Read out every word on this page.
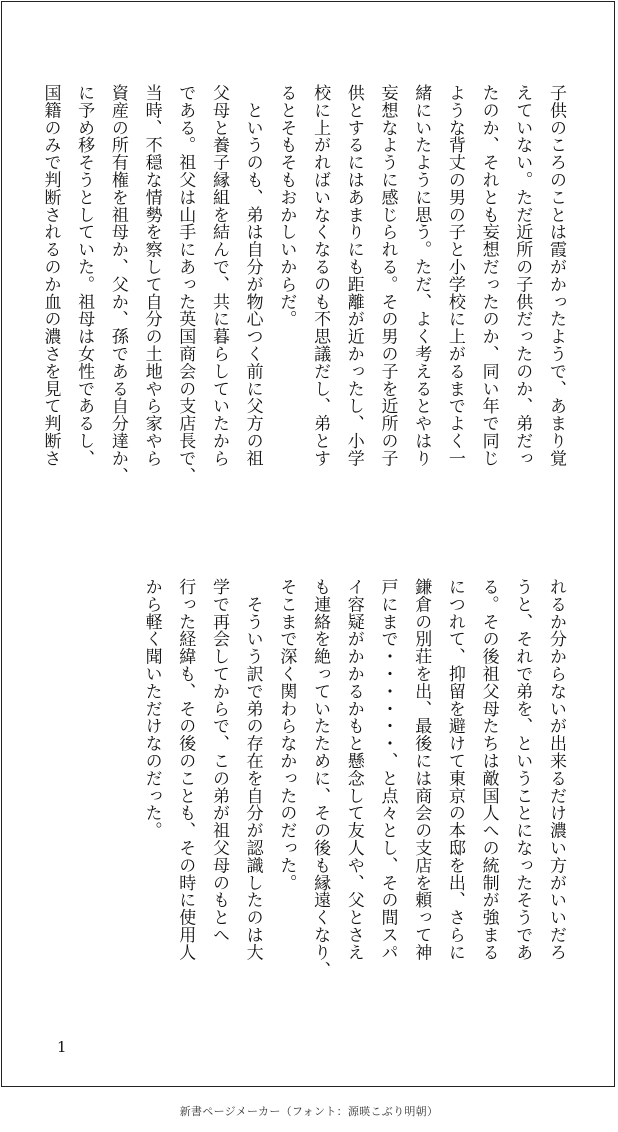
子供のころのことは霞がかったようで、あまり覚
えていない。ただ近所の子供だったのか、弟だっ
たのか、それとも妄想だったのか、同い年で同じ
ような背丈の男の子と小学校に上がるまでよく一
緒にいたように思う。ただ、よく考えるとやはり
妄想なように感じられる。その男の子を近所の子
供とするにはあまりにも距離が近かったし、小学
校に上がればいなくなるのも不思議だし、弟とす
るとそもそもおかしいからだ。
　というのも、弟は自分が物心つく前に父方の祖
父母と養子縁組を結んで、共に暮らしていたから
である。祖父は山手にあった英国商会の支店長で、
当時、不穏な情勢を察して自分の土地やら家やら
資産の所有権を祖母か、父か、孫である自分達か、
に予め移そうとしていた。祖母は女性であるし、
国籍のみで判断されるのか血の濃さを見て判断さ
れるか分からないが出来るだけ濃い方がいいだろ
うと、それで弟を、ということになったそうであ
る。その後祖父母たちは敵国人への統制が強まる
につれて、抑留を避けて東京の本邸を出、さらに
鎌倉の別荘を出、最後には商会の支店を頼って神
戸にまで・・・・・・、と点々とし、その間スパ
イ容疑がかかるかもと懸念して友人や、父とさえ
も連絡を絶っていたために、その後も縁遠くなり、
そこまで深く関わらなかったのだった。
　そういう訳で弟の存在を自分が認識したのは大
学で再会してからで、この弟が祖父母のもとへ
行った経緯も、その後のことも、その時に使用人
から軽く聞いただけなのだった。
1
新書ページメーカー（フォント：源暎こぶり明朝）
